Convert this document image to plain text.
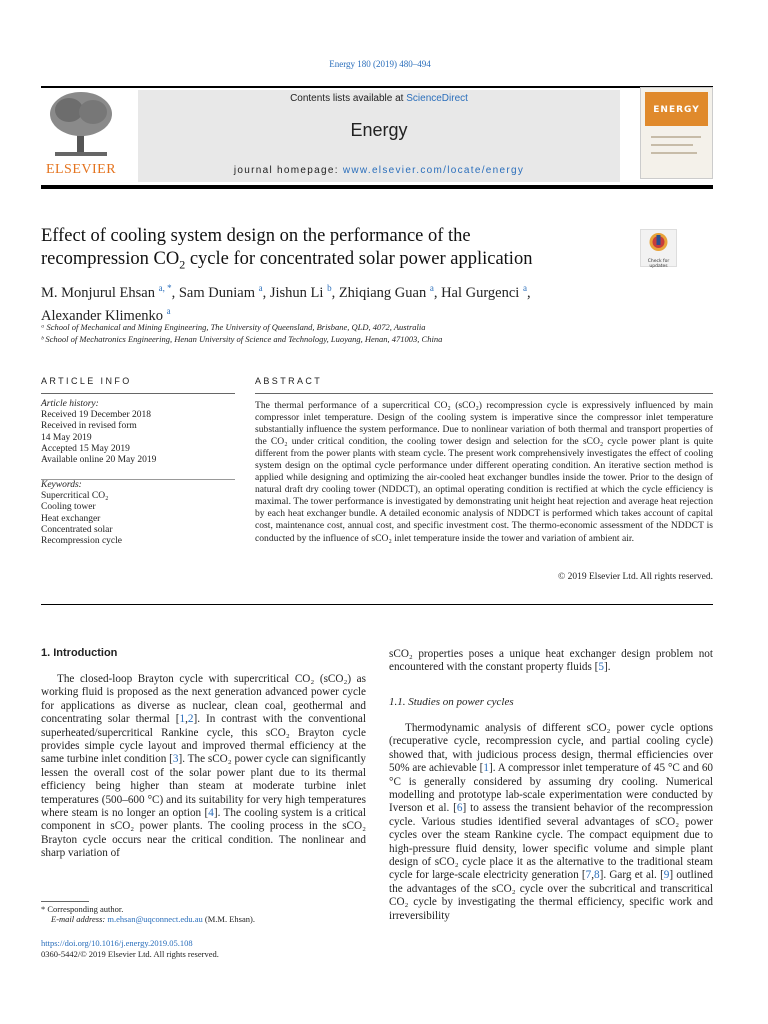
Energy 180 (2019) 480–494
ELSEVIER
Contents lists available at ScienceDirect
Energy
journal homepage: www.elsevier.com/locate/energy
ENERGY
Effect of cooling system design on the performance of the
recompression $CO_2$ cycle for concentrated solar power application	Check for updates
M. Monjurul Ehsan $^{a, *}$, Sam Duniam $^a$, Jishun Li $^b$, Zhiqiang Guan $^a$, Hal Gurgenci $^a$,
Alexander Klimenko $^a$
ᵃ School of Mechanical and Mining Engineering, The University of Queensland, Brisbane, QLD, 4072, Australia
ᵇ School of Mechatronics Engineering, Henan University of Science and Technology, Luoyang, Henan, 471003, China
ARTICLE INFO	ABSTRACT
Article history:
Received 19 December 2018
Received in revised form
14 May 2019
Accepted 15 May 2019
Available online 20 May 2019
Keywords:
Supercritical CO₂
Cooling tower
Heat exchanger
Concentrated solar
Recompression cycle
The thermal performance of a supercritical CO₂ (sCO₂) recompression cycle is expressively influenced by main compressor inlet temperature. Design of the cooling system is imperative since the compressor inlet temperature substantially influence the system performance. Due to nonlinear variation of both thermal and transport properties of the CO₂ under critical condition, the cooling tower design and selection for the sCO₂ cycle power plant is quite different from the power plants with steam cycle. The present work comprehensively investigates the effect of cooling system design on the optimal cycle performance under different operating condition. An iterative section method is applied while designing and optimizing the air-cooled heat exchanger bundles inside the tower. Prior to the design of natural draft dry cooling tower (NDDCT), an optimal operating condition is rectified at which the cycle efficiency is maximal. The tower performance is investigated by demonstrating unit height heat rejection and average heat rejection by each heat exchanger bundle. A detailed economic analysis of NDDCT is performed which takes account of capital cost, maintenance cost, annual cost, and specific investment cost. The thermo-economic assessment of the NDDCT is conducted by the influence of sCO₂ inlet temperature inside the tower and variation of ambient air.
© 2019 Elsevier Ltd. All rights reserved.
1. Introduction
The closed-loop Brayton cycle with supercritical CO₂ (sCO₂) as working fluid is proposed as the next generation advanced power cycle for applications as diverse as nuclear, clean coal, geothermal and concentrating solar thermal [1,2]. In contrast with the conventional superheated/supercritical Rankine cycle, this sCO₂ Brayton cycle provides simple cycle layout and improved thermal efficiency at the same turbine inlet condition [3]. The sCO₂ power cycle can significantly lessen the overall cost of the solar power plant due to its thermal efficiency being higher than steam at moderate turbine inlet temperatures (500–600 °C) and its suitability for very high temperatures where steam is no longer an option [4]. The cooling system is a critical component in sCO₂ power plants. The cooling process in the sCO₂ Brayton cycle occurs near the critical condition. The nonlinear and sharp variation of
sCO₂ properties poses a unique heat exchanger design problem not encountered with the constant property fluids [5].
1.1. Studies on power cycles
Thermodynamic analysis of different sCO₂ power cycle options (recuperative cycle, recompression cycle, and partial cooling cycle) showed that, with judicious process design, thermal efficiencies over 50% are achievable [1]. A compressor inlet temperature of 45 °C and 60 °C is generally considered by assuming dry cooling. Numerical modelling and prototype lab-scale experimentation were conducted by Iverson et al. [6] to assess the transient behavior of the recompression cycle. Various studies identified several advantages of sCO₂ power cycles over the steam Rankine cycle. The compact equipment due to high-pressure fluid density, lower specific volume and simple plant design of sCO₂ cycle place it as the alternative to the traditional steam cycle for large-scale electricity generation [7,8]. Garg et al. [9] outlined the advantages of the sCO₂ cycle over the subcritical and transcritical CO₂ cycle by investigating the thermal efficiency, specific work and irreversibility
* Corresponding author.
E-mail address: m.ehsan@uqconnect.edu.au (M.M. Ehsan).
https://doi.org/10.1016/j.energy.2019.05.108
0360-5442/© 2019 Elsevier Ltd. All rights reserved.
